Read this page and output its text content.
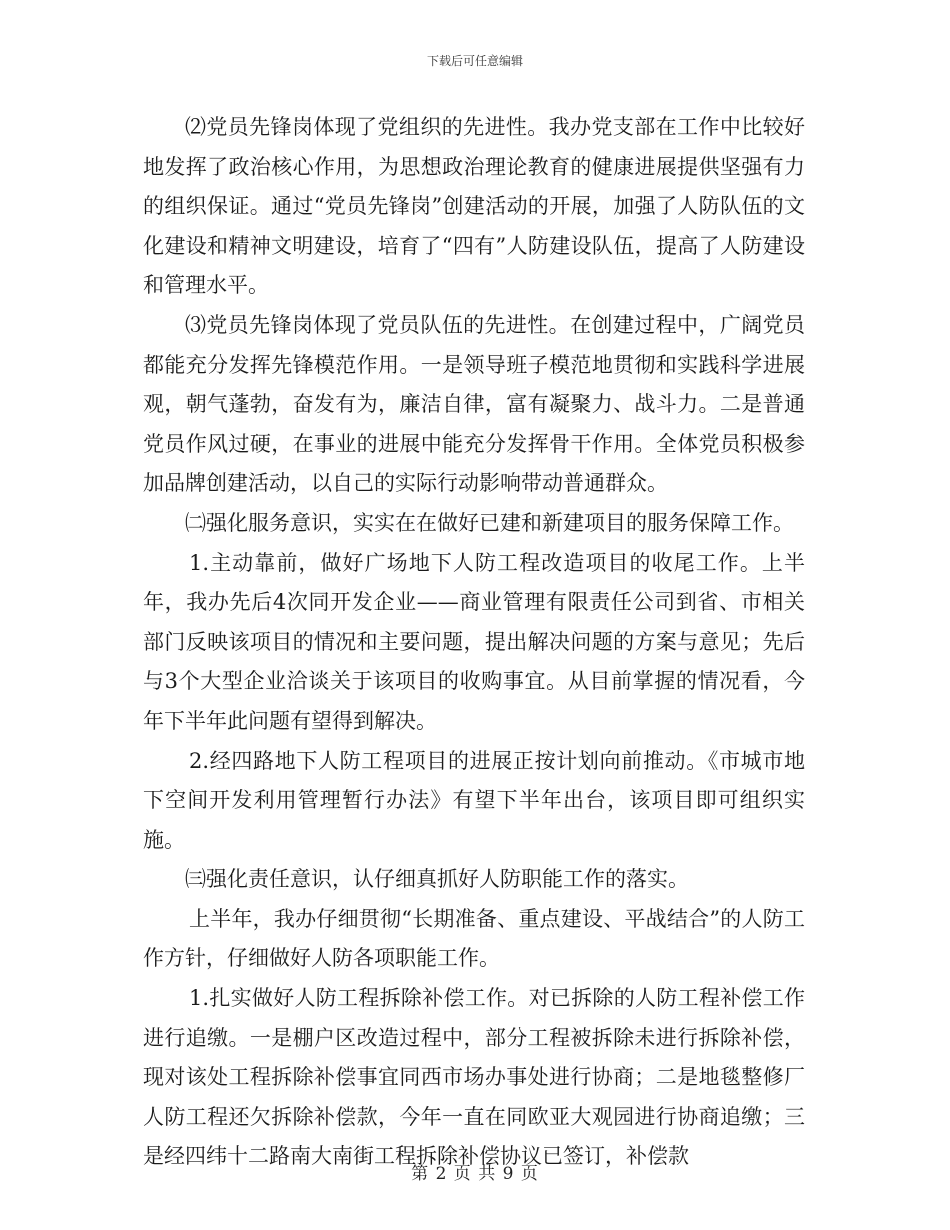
下载后可任意编辑

⑵党员先锋岗体现了党组织的先进性。我办党支部在工作中比较好地发挥了政治核心作用，为思想政治理论教育的健康进展提供坚强有力的组织保证。通过“党员先锋岗”创建活动的开展，加强了人防队伍的文化建设和精神文明建设，培育了“四有”人防建设队伍，提高了人防建设和管理水平。

⑶党员先锋岗体现了党员队伍的先进性。在创建过程中，广阔党员都能充分发挥先锋模范作用。一是领导班子模范地贯彻和实践科学进展观，朝气蓬勃，奋发有为，廉洁自律，富有凝聚力、战斗力。二是普通党员作风过硬，在事业的进展中能充分发挥骨干作用。全体党员积极参加品牌创建活动，以自己的实际行动影响带动普通群众。

㈡强化服务意识，实实在在做好已建和新建项目的服务保障工作。

1.主动靠前，做好广场地下人防工程改造项目的收尾工作。上半年，我办先后4次同开发企业——商业管理有限责任公司到省、市相关部门反映该项目的情况和主要问题，提出解决问题的方案与意见；先后与3个大型企业洽谈关于该项目的收购事宜。从目前掌握的情况看，今年下半年此问题有望得到解决。

2.经四路地下人防工程项目的进展正按计划向前推动。《市城市地下空间开发利用管理暂行办法》有望下半年出台，该项目即可组织实施。

㈢强化责任意识，认仔细真抓好人防职能工作的落实。

上半年，我办仔细贯彻“长期准备、重点建设、平战结合”的人防工作方针，仔细做好人防各项职能工作。

1.扎实做好人防工程拆除补偿工作。对已拆除的人防工程补偿工作进行追缴。一是棚户区改造过程中，部分工程被拆除未进行拆除补偿，现对该处工程拆除补偿事宜同西市场办事处进行协商；二是地毯整修厂人防工程还欠拆除补偿款，今年一直在同欧亚大观园进行协商追缴；三是经四纬十二路南大南街工程拆除补偿协议已签订，补偿款

第 2 页 共 9 页
